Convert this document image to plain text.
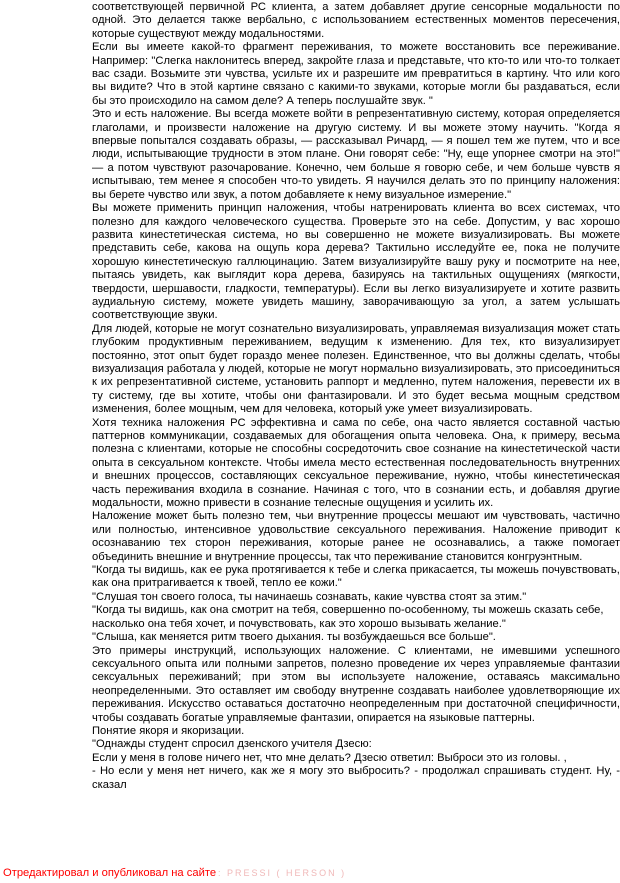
соответствующей первичной РС клиента, а затем добавляет другие сенсорные модальности по одной. Это делается также вербально, с использованием естественных моментов пересечения, которые существуют между модальностями.

Если вы имеете какой-то фрагмент переживания, то можете восстановить все переживание. Например: "Слегка наклонитесь вперед, закройте глаза и представьте, что кто-то или что-то толкает вас сзади. Возьмите эти чувства, усильте их и разрешите им превратиться в картину. Что или кого вы видите? Что в этой картине связано с какими-то звуками, которые могли бы раздаваться, если бы это происходило на самом деле? А теперь послушайте звук. "

Это и есть наложение. Вы всегда можете войти в репрезентативную систему, которая определяется глаголами, и произвести наложение на другую систему. И вы можете этому научить. "Когда я впервые попытался создавать образы, — рассказывал Ричард, — я пошел тем же путем, что и все люди, испытывающие трудности в этом плане. Они говорят себе: "Ну, еще упорнее смотри на это!" — а потом чувствуют разочарование. Конечно, чем больше я говорю себе, и чем больше чувств я испытываю, тем менее я способен что-то увидеть. Я научился делать это по принципу наложения: вы берете чувство или звук, а потом добавляете к нему визуальное измерение."

Вы можете применить принцип наложения, чтобы натренировать клиента во всех системах, что полезно для каждого человеческого существа. Проверьте это на себе. Допустим, у вас хорошо развита кинестетическая система, но вы совершенно не можете визуализировать. Вы можете представить себе, какова на ощупь кора дерева? Тактильно исследуйте ее, пока не получите хорошую кинестетическую галлюцинацию. Затем визуализируйте вашу руку и посмотрите на нее, пытаясь увидеть, как выглядит кора дерева, базируясь на тактильных ощущениях (мягкости, твердости, шершавости, гладкости, температуры). Если вы легко визуализируете и хотите развить аудиальную систему, можете увидеть машину, заворачивающую за угол, а затем услышать соответствующие звуки.

Для людей, которые не могут сознательно визуализировать, управляемая визуализация может стать глубоким продуктивным переживанием, ведущим к изменению. Для тех, кто визуализирует постоянно, этот опыт будет гораздо менее полезен. Единственное, что вы должны сделать, чтобы визуализация работала у людей, которые не могут нормально визуализировать, это присоединиться к их репрезентативной системе, установить раппорт и медленно, путем наложения, перевести их в ту систему, где вы хотите, чтобы они фантазировали. И это будет весьма мощным средством изменения, более мощным, чем для человека, который уже умеет визуализировать.

Хотя техника наложения РС эффективна и сама по себе, она часто является составной частью паттернов коммуникации, создаваемых для обогащения опыта человека. Она, к примеру, весьма полезна с клиентами, которые не способны сосредоточить свое сознание на кинестетической части опыта в сексуальном контексте. Чтобы имела место естественная последовательность внутренних и внешних процессов, составляющих сексуальное переживание, нужно, чтобы кинестетическая часть переживания входила в сознание. Начиная с того, что в сознании есть, и добавляя другие модальности, можно привести в сознание телесные ощущения и усилить их.

Наложение может быть полезно тем, чьи внутренние процессы мешают им чувствовать, частично или полностью, интенсивное удовольствие сексуального переживания. Наложение приводит к осознаванию тех сторон переживания, которые ранее не осознавались, а также помогает объединить внешние и внутренние процессы, так что переживание становится конгруэнтным.

"Когда ты видишь, как ее рука протягивается к тебе и слегка прикасается, ты можешь почувствовать, как она притрагивается к твоей, тепло ее кожи."

"Слушая тон своего голоса, ты начинаешь сознавать, какие чувства стоят за этим."

"Когда ты видишь, как она смотрит на тебя, совершенно по-особенному, ты можешь сказать себе, насколько она тебя хочет, и почувствовать, как это хорошо вызывать желание."

"Слыша, как меняется ритм твоего дыхания. ты возбуждаешься все больше".

Это примеры инструкций, использующих наложение. С клиентами, не имевшими успешного сексуального опыта или полными запретов, полезно проведение их через управляемые фантазии сексуальных переживаний; при этом вы используете наложение, оставаясь максимально неопределенными. Это оставляет им свободу внутренне создавать наиболее удовлетворяющие их переживания. Искусство оставаться достаточно неопределенным при достаточной специфичности, чтобы создавать богатые управляемые фантазии, опирается на языковые паттерны.

Понятие якоря и якоризации.

"Однажды студент спросил дзенского учителя Дзесю:

Если у меня в голове ничего нет, что мне делать? Дзесю ответил: Выброси это из головы. ,

- Но если у меня нет ничего, как же я могу это выбросить? - продолжал спрашивать студент. Ну, - сказал

Отредактировал и опубликовал на сайте : PRESSI ( HERSON )
